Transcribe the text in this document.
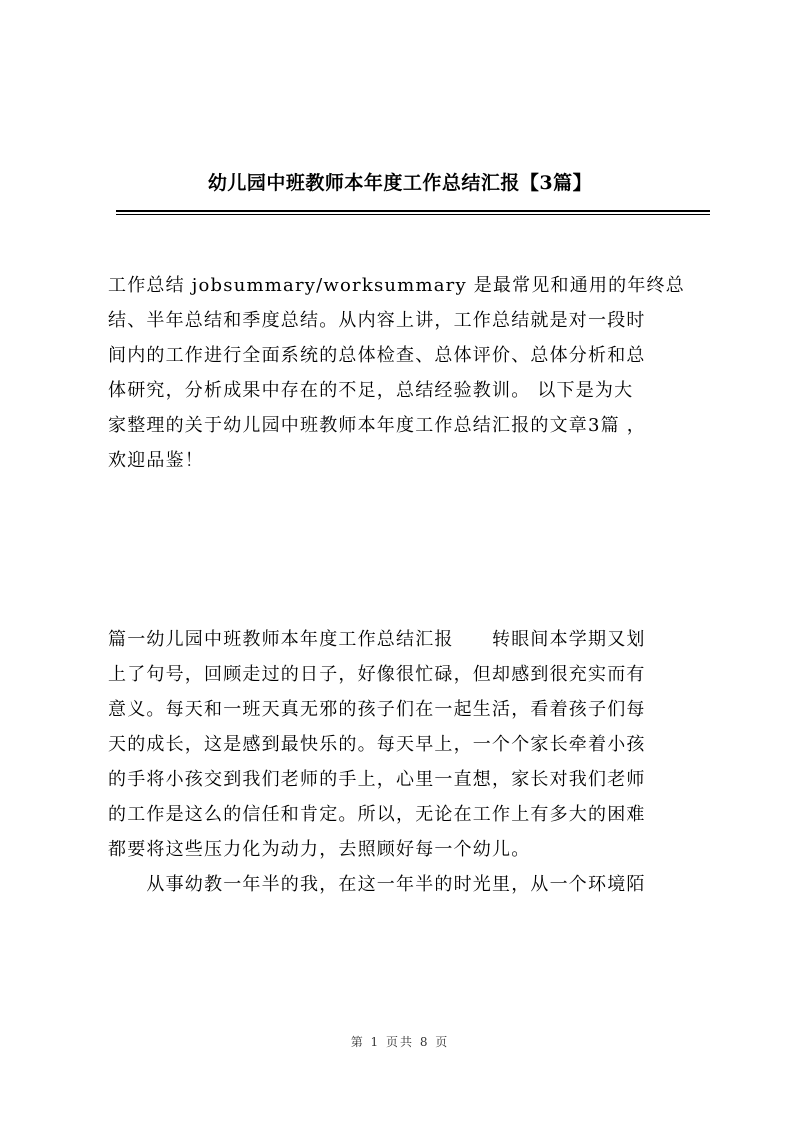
幼儿园中班教师本年度工作总结汇报【3篇】
工作总结 jobsummary/worksummary 是最常见和通用的年终总
结、半年总结和季度总结。从内容上讲，工作总结就是对一段时
间内的工作进行全面系统的总体检查、总体评价、总体分析和总
体研究，分析成果中存在的不足，总结经验教训。 以下是为大
家整理的关于幼儿园中班教师本年度工作总结汇报的文章3篇 ，
欢迎品鉴！
篇一幼儿园中班教师本年度工作总结汇报　　转眼间本学期又划
上了句号，回顾走过的日子，好像很忙碌，但却感到很充实而有
意义。每天和一班天真无邪的孩子们在一起生活，看着孩子们每
天的成长，这是感到最快乐的。每天早上，一个个家长牵着小孩
的手将小孩交到我们老师的手上，心里一直想，家长对我们老师
的工作是这么的信任和肯定。所以，无论在工作上有多大的困难
都要将这些压力化为动力，去照顾好每一个幼儿。
　　从事幼教一年半的我，在这一年半的时光里，从一个环境陌
第 1 页共 8 页
